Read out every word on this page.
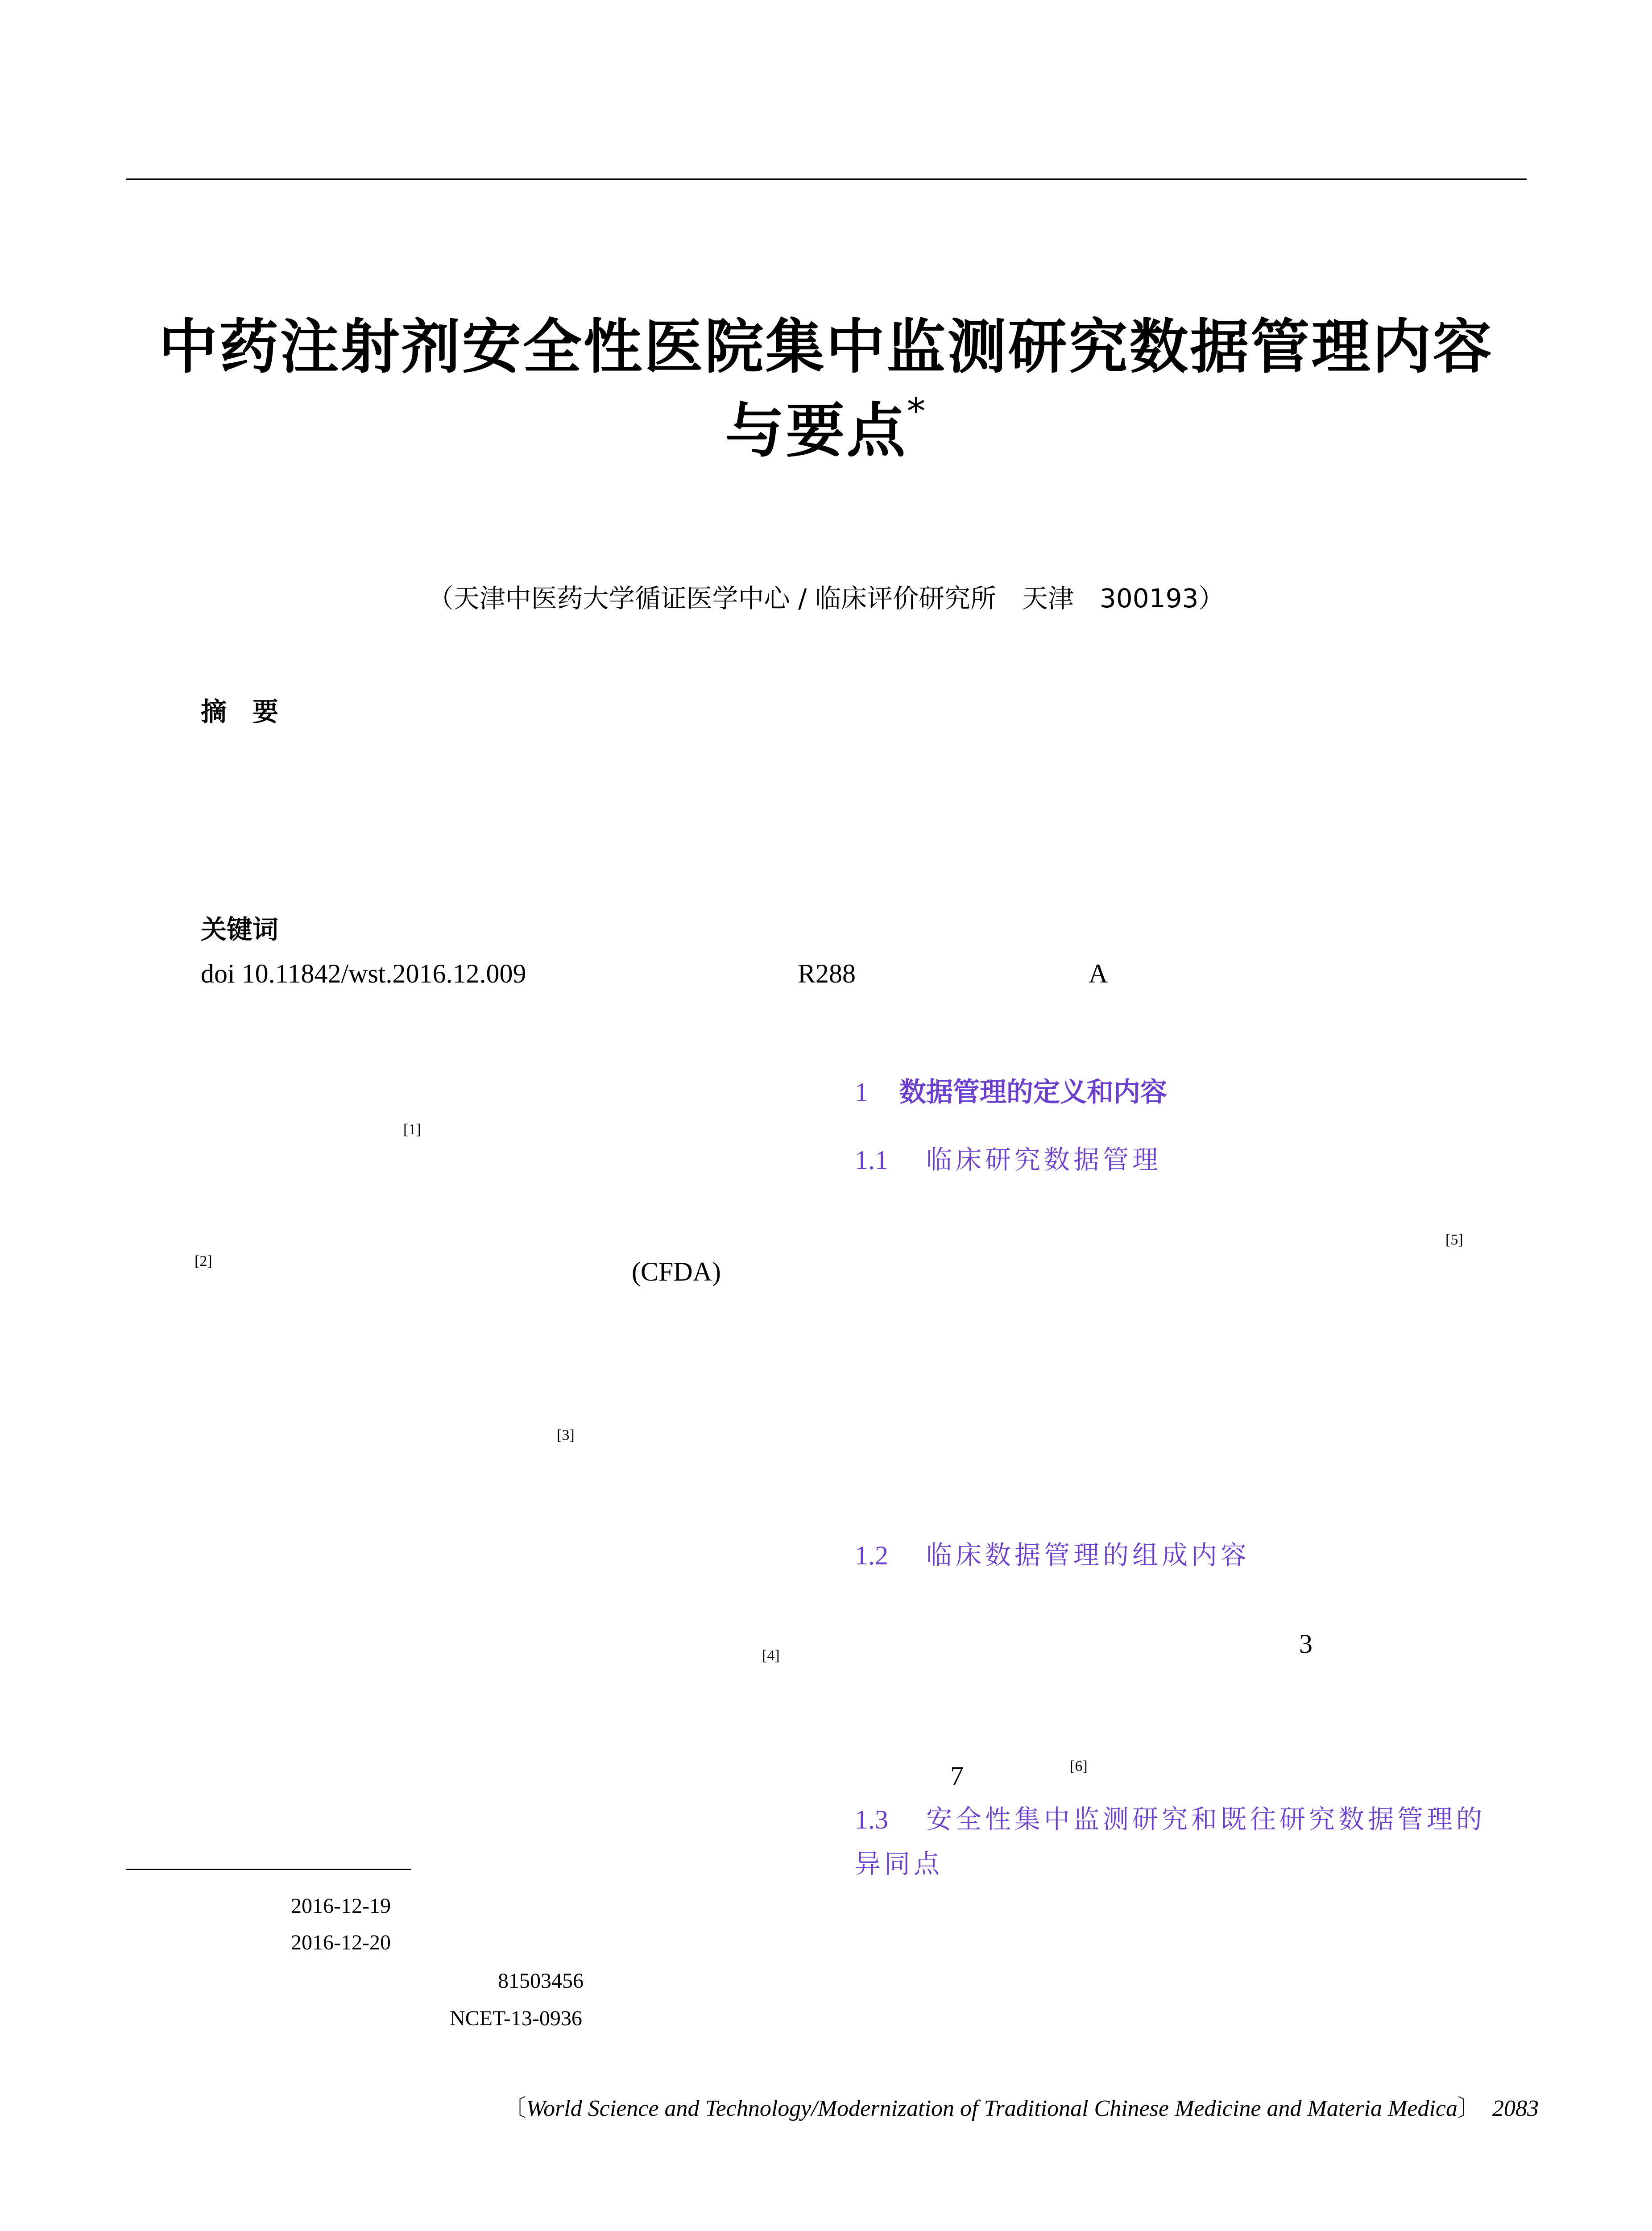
中药注射剂安全性医院集中监测研究数据管理内容
与要点*
（天津中医药大学循证医学中心 / 临床评价研究所　天津　300193）
摘　要
关键词
doi 10.11842/wst.2016.12.009	R288	A
[1]
[2]	(CFDA)
[3]
[4]
1 数据管理的定义和内容
1.1 临床研究数据管理
[5]
1.2 临床数据管理的组成内容
3
7	[6]
1.3 安全性集中监测研究和既往研究数据管理的
异同点
2016-12-19
2016-12-20
81503456
NCET-13-0936
〔World Science and Technology/Modernization of Traditional Chinese Medicine and Materia Medica〕 2083
